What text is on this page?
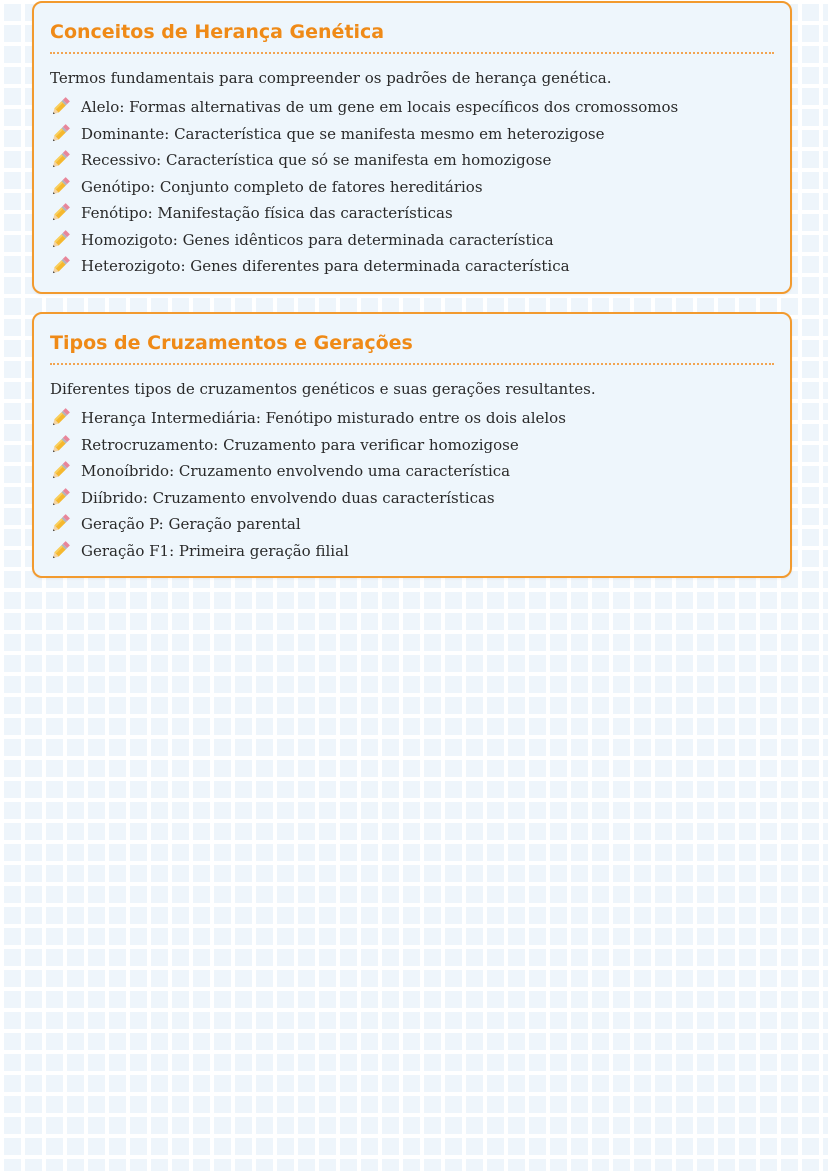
Conceitos de Herança Genética

Termos fundamentais para compreender os padrões de herança genética.

Alelo: Formas alternativas de um gene em locais específicos dos cromossomos
Dominante: Característica que se manifesta mesmo em heterozigose
Recessivo: Característica que só se manifesta em homozigose
Genótipo: Conjunto completo de fatores hereditários
Fenótipo: Manifestação física das características
Homozigoto: Genes idênticos para determinada característica
Heterozigoto: Genes diferentes para determinada característica
Tipos de Cruzamentos e Gerações

Diferentes tipos de cruzamentos genéticos e suas gerações resultantes.

Herança Intermediária: Fenótipo misturado entre os dois alelos
Retrocruzamento: Cruzamento para verificar homozigose
Monoíbrido: Cruzamento envolvendo uma característica
Diíbrido: Cruzamento envolvendo duas características
Geração P: Geração parental
Geração F1: Primeira geração filial
